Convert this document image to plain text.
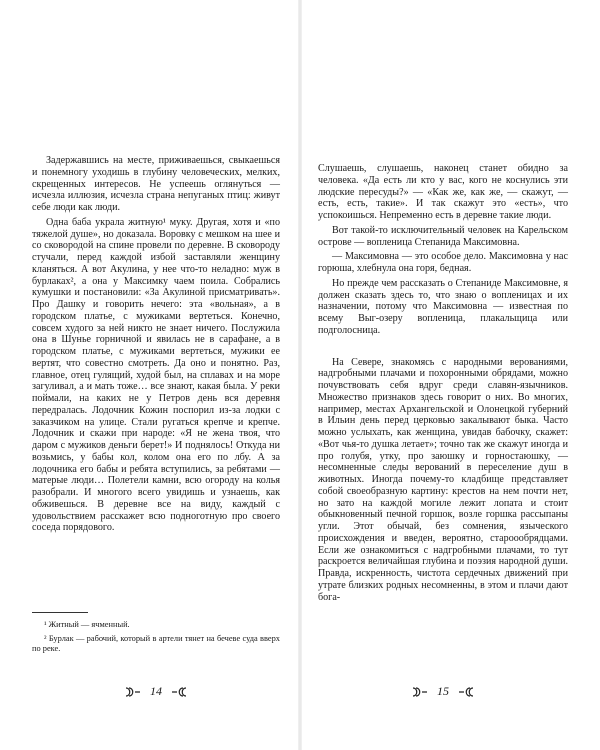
Задержавшись на месте, приживаешься, свыкаешься и понемногу уходишь в глубину человеческих, мелких, скрещенных интересов. Не успеешь оглянуться — исчезла иллюзия, исчезла страна непуганых птиц: живут себе люди как люди.

Одна баба украла житную¹ муку. Другая, хотя и «по тяжелой душе», но доказала. Воровку с мешком на шее и со сковородой на спине провели по деревне. В сковороду стучали, перед каждой избой заставляли женщину кланяться. А вот Акулина, у нее что-то неладно: муж в бурлаках², а она у Максимку чаем поила. Собрались кумушки и постановили: «За Акулиной присматривать». Про Дашку и говорить нечего: эта «вольная», а в городском платье, с мужиками вертеться. Конечно, совсем худого за ней никто не знает ничего. Послужила она в Шунье горничной и явилась не в сарафане, а в городском платье, с мужиками вертеться, мужики ее вертят, что совестно смотреть. Да оно и понятно. Раз, главное, отец гулящий, худой был, на сплавах и на море загуливал, а и мать тоже… все знают, какая была. У реки поймали, на каких не у Петров день вся деревня передралась. Лодочник Кожин поспорил из-за лодки с заказчиком на улице. Стали ругаться крепче и крепче. Лодочник и скажи при народе: «Я не жена твоя, что даром с мужиков деньги берет!» И поднялось! Откуда ни возьмись, у бабы кол, колом она его по лбу. А за лодочника его бабы и ребята вступились, за ребятами — матерые люди… Полетели камни, всю огороду на колья разобрали. И многого всего увидишь и узнаешь, как обживешься. В деревне все на виду, каждый с удовольствием расскажет всю подноготную про своего соседа порядового.

¹ Житный — ячменный.

² Бурлак — рабочий, который в артели тянет на бечеве суда вверх по реке.

14

Слушаешь, слушаешь, наконец станет обидно за человека. «Да есть ли кто у вас, кого не коснулись эти людские пересуды?» — «Как же, как же, — скажут, — есть, есть, такие». И так скажут это «есть», что успокоишься. Непременно есть в деревне такие люди.

Вот такой-то исключительный человек на Карельском острове — вопленица Степанида Максимовна.

— Максимовна — это особое дело. Максимовна у нас горюша, хлебнула она горя, бедная.

Но прежде чем рассказать о Степаниде Максимовне, я должен сказать здесь то, что знаю о вопленицах и их назначении, потому что Максимовна — известная по всему Выг-озеру вопленица, плакальщица или подголосница.

На Севере, знакомясь с народными верованиями, надгробными плачами и похоронными обрядами, можно почувствовать себя вдруг среди славян-язычников. Множество признаков здесь говорит о них. Во многих, например, местах Архангельской и Олонецкой губерний в Ильин день перед церковью закалывают быка. Часто можно услыхать, как женщина, увидав бабочку, скажет: «Вот чья-то душка летает»; точно так же скажут иногда и про голубя, утку, про заюшку и горностаюшку, — несомненные следы верований в переселение душ в животных. Иногда почему-то кладбище представляет собой своеобразную картину: крестов на нем почти нет, но зато на каждой могиле лежит лопата и стоит обыкновенный печной горшок, возле горшка рассыпаны угли. Этот обычай, без сомнения, языческого происхождения и введен, вероятно, староообрядцами. Если же ознакомиться с надгробными плачами, то тут раскроется величайшая глубина и поэзия народной души. Правда, искренность, чистота сердечных движений при утрате близких родных несомненны, в этом и плачи дают бога-

15
